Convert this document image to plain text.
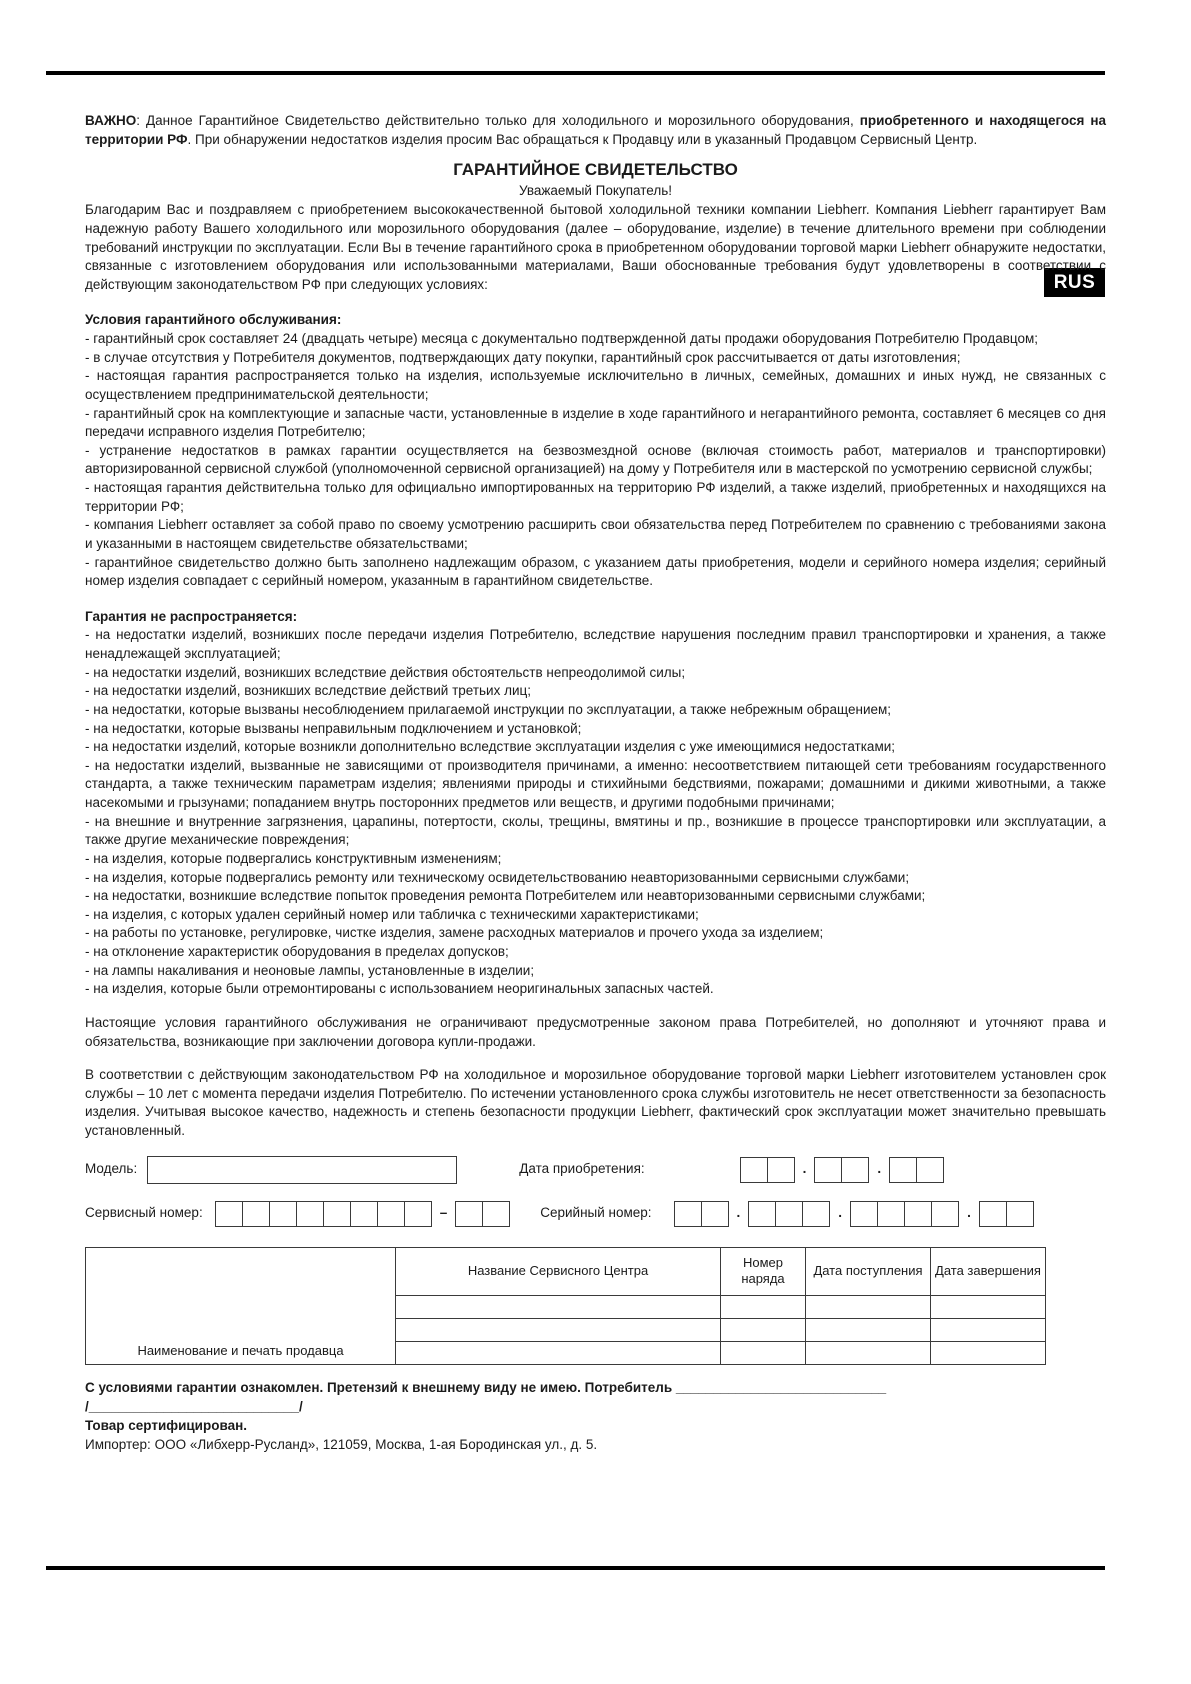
RUS

ВАЖНО: Данное Гарантийное Свидетельство действительно только для холодильного и морозильного оборудования, приобретенного и находящегося на территории РФ. При обнаружении недостатков изделия просим Вас обращаться к Продавцу или в указанный Продавцом Сервисный Центр.

ГАРАНТИЙНОЕ СВИДЕТЕЛЬСТВО
Уважаемый Покупатель!

Благодарим Вас и поздравляем с приобретением высококачественной бытовой холодильной техники компании Liebherr. Компания Liebherr гарантирует Вам надежную работу Вашего холодильного или морозильного оборудования (далее – оборудование, изделие) в течение длительного времени при соблюдении требований инструкции по эксплуатации. Если Вы в течение гарантийного срока в приобретенном оборудовании торговой марки Liebherr обнаружите недостатки, связанные с изготовлением оборудования или использованными материалами, Ваши обоснованные требования будут удовлетворены в соответствии с действующим законодательством РФ при следующих условиях:

Условия гарантийного обслуживания:
- гарантийный срок составляет 24 (двадцать четыре) месяца с документально подтвержденной даты продажи оборудования Потребителю Продавцом;
- в случае отсутствия у Потребителя документов, подтверждающих дату покупки, гарантийный срок рассчитывается от даты изготовления;
- настоящая гарантия распространяется только на изделия, используемые исключительно в личных, семейных, домашних и иных нужд, не связанных с осуществлением предпринимательской деятельности;
- гарантийный срок на комплектующие и запасные части, установленные в изделие в ходе гарантийного и негарантийного ремонта, составляет 6 месяцев со дня передачи исправного изделия Потребителю;
- устранение недостатков в рамках гарантии осуществляется на безвозмездной основе (включая стоимость работ, материалов и транспортировки) авторизированной сервисной службой (уполномоченной сервисной организацией) на дому у Потребителя или в мастерской по усмотрению сервисной службы;
- настоящая гарантия действительна только для официально импортированных на территорию РФ изделий, а также изделий, приобретенных и находящихся на территории РФ;
- компания Liebherr оставляет за собой право по своему усмотрению расширить свои обязательства перед Потребителем по сравнению с требованиями закона и указанными в настоящем свидетельстве обязательствами;
- гарантийное свидетельство должно быть заполнено надлежащим образом, с указанием даты приобретения, модели и серийного номера изделия; серийный номер изделия совпадает с серийный номером, указанным в гарантийном свидетельстве.
Гарантия не распространяется:
- на недостатки изделий, возникших после передачи изделия Потребителю, вследствие нарушения последним правил транспортировки и хранения, а также ненадлежащей эксплуатацией;
- на недостатки изделий, возникших вследствие действия обстоятельств непреодолимой силы;
- на недостатки изделий, возникших вследствие действий третьих лиц;
- на недостатки, которые вызваны несоблюдением прилагаемой инструкции по эксплуатации, а также небрежным обращением;
- на недостатки, которые вызваны неправильным подключением и установкой;
- на недостатки изделий, которые возникли дополнительно вследствие эксплуатации изделия с уже имеющимися недостатками;
- на недостатки изделий, вызванные не зависящими от производителя причинами, а именно: несоответствием питающей сети требованиям государственного стандарта, а также техническим параметрам изделия; явлениями природы и стихийными бедствиями, пожарами; домашними и дикими животными, а также насекомыми и грызунами; попаданием внутрь посторонних предметов или веществ, и другими подобными причинами;
- на внешние и внутренние загрязнения, царапины, потертости, сколы, трещины, вмятины и пр., возникшие в процессе транспортировки или эксплуатации, а также другие механические повреждения;
- на изделия, которые подвергались конструктивным изменениям;
- на изделия, которые подвергались ремонту или техническому освидетельствованию неавторизованными сервисными службами;
- на недостатки, возникшие вследствие попыток проведения ремонта Потребителем или неавторизованными сервисными службами;
- на изделия, с которых удален серийный номер или табличка с техническими характеристиками;
- на работы по установке, регулировке, чистке изделия, замене расходных материалов и прочего ухода за изделием;
- на отклонение характеристик оборудования в пределах допусков;
- на лампы накаливания и неоновые лампы, установленные в изделии;
- на изделия, которые были отремонтированы с использованием неоригинальных запасных частей.

Настоящие условия гарантийного обслуживания не ограничивают предусмотренные законом права Потребителей, но дополняют и уточняют права и обязательства, возникающие при заключении договора купли-продажи.

В соответствии с действующим законодательством РФ на холодильное и морозильное оборудование торговой марки Liebherr изготовителем установлен срок службы – 10 лет с момента передачи изделия Потребителю. По истечении установленного срока службы изготовитель не несет ответственности за безопасность изделия. Учитывая высокое качество, надежность и степень безопасности продукции Liebherr, фактический срок эксплуатации может значительно превышать установленный.

Модель:	Дата приобретения:	.	.
Сервисный номер:	–	Серийный номер:	.	.	.
Наименование и печать продавца	Название Сервисного Центра	Номер наряда	Дата поступления	Дата завершения

С условиями гарантии ознакомлен. Претензий к внешнему виду не имею. Потребитель ____________________________ /____________________________/

Товар сертифицирован.

Импортер: ООО «Либхерр-Русланд», 121059, Москва, 1-ая Бородинская ул., д. 5.
